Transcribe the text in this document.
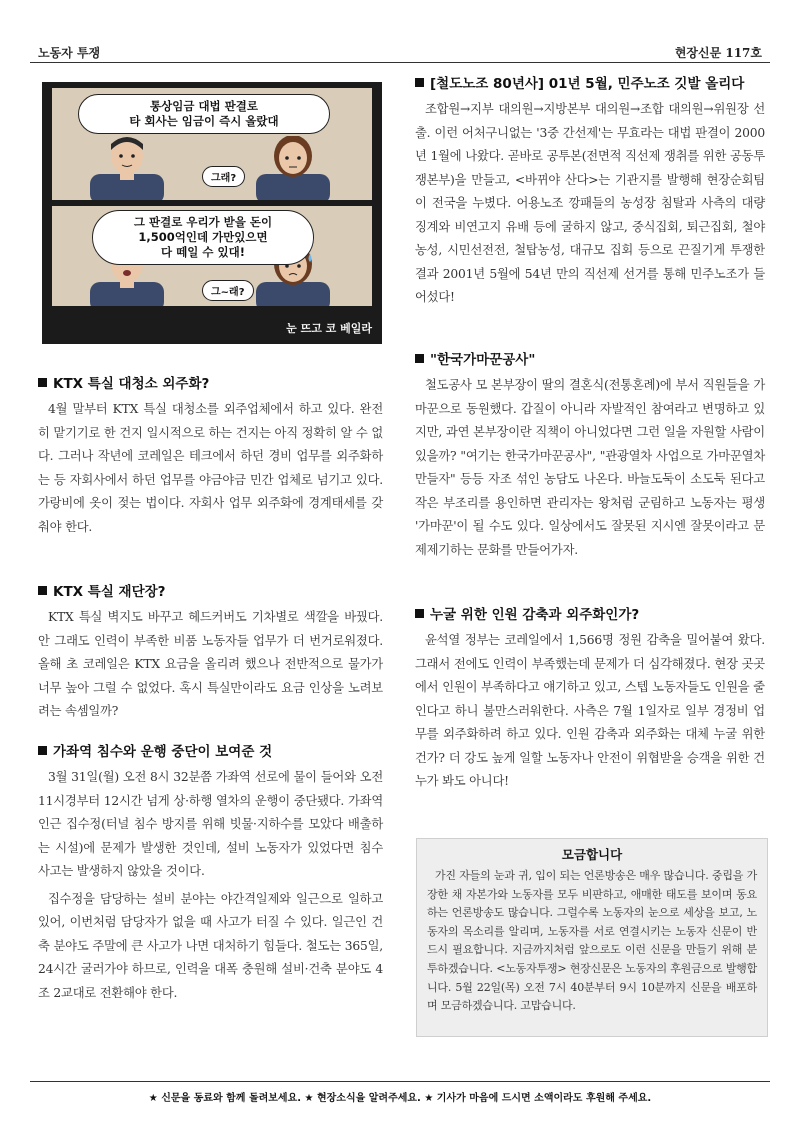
노동자 투쟁	현장신문 117호
통상임금 대법 판결로
타 회사는 임금이 즉시 올랐대
그래?
그 판결로 우리가 받을 돈이
1,500억인데 가만있으면
다 떼일 수 있대!
그~래?
눈 뜨고 코 베일라
KTX 특실 대청소 외주화?

4월 말부터 KTX 특실 대청소를 외주업체에서 하고 있다. 완전히 맡기기로 한 건지 일시적으로 하는 건지는 아직 정확히 알 수 없다. 그러나 작년에 코레일은 테크에서 하던 경비 업무를 외주화하는 등 자회사에서 하던 업무를 야금야금 민간 업체로 넘기고 있다. 가랑비에 옷이 젖는 법이다. 자회사 업무 외주화에 경계태세를 갖춰야 한다.

KTX 특실 재단장?

KTX 특실 벽지도 바꾸고 헤드커버도 기차별로 색깔을 바꿨다. 안 그래도 인력이 부족한 비품 노동자들 업무가 더 번거로워졌다. 올해 초 코레일은 KTX 요금을 올리려 했으나 전반적으로 물가가 너무 높아 그럴 수 없었다. 혹시 특실만이라도 요금 인상을 노려보려는 속셈일까?

가좌역 침수와 운행 중단이 보여준 것

3월 31일(월) 오전 8시 32분쯤 가좌역 선로에 물이 들어와 오전 11시경부터 12시간 넘게 상·하행 열차의 운행이 중단됐다. 가좌역 인근 집수정(터널 침수 방지를 위해 빗물·지하수를 모았다 배출하는 시설)에 문제가 발생한 것인데, 설비 노동자가 있었다면 침수 사고는 발생하지 않았을 것이다.

집수정을 담당하는 설비 분야는 야간격일제와 일근으로 일하고 있어, 이번처럼 담당자가 없을 때 사고가 터질 수 있다. 일근인 건축 분야도 주말에 큰 사고가 나면 대처하기 힘들다. 철도는 365일, 24시간 굴러가야 하므로, 인력을 대폭 충원해 설비·건축 분야도 4조 2교대로 전환해야 한다.

[철도노조 80년사] 01년 5월, 민주노조 깃발 올리다

조합원→지부 대의원→지방본부 대의원→조합 대의원→위원장 선출. 이런 어처구니없는 '3중 간선제'는 무효라는 대법 판결이 2000년 1월에 나왔다. 곧바로 공투본(전면적 직선제 쟁취를 위한 공동투쟁본부)을 만들고, <바뀌야 산다>는 기관지를 발행해 현장순회팀이 전국을 누볐다. 어용노조 깡패들의 농성장 침탈과 사측의 대량 징계와 비연고지 유배 등에 굴하지 않고, 중식집회, 퇴근집회, 철야농성, 시민선전전, 철탑농성, 대규모 집회 등으로 끈질기게 투쟁한 결과 2001년 5월에 54년 만의 직선제 선거를 통해 민주노조가 들어섰다!

"한국가마꾼공사"

철도공사 모 본부장이 딸의 결혼식(전통혼례)에 부서 직원들을 가마꾼으로 동원했다. 갑질이 아니라 자발적인 참여라고 변명하고 있지만, 과연 본부장이란 직책이 아니었다면 그런 일을 자원할 사람이 있을까? "여기는 한국가마꾼공사", "관광열차 사업으로 가마꾼열차 만들자" 등등 자조 섞인 농담도 나온다. 바늘도둑이 소도둑 된다고 작은 부조리를 용인하면 관리자는 왕처럼 군림하고 노동자는 평생 '가마꾼'이 될 수도 있다. 일상에서도 잘못된 지시엔 잘못이라고 문제제기하는 문화를 만들어가자.

누굴 위한 인원 감축과 외주화인가?

윤석열 정부는 코레일에서 1,566명 정원 감축을 밀어붙여 왔다. 그래서 전에도 인력이 부족했는데 문제가 더 심각해졌다. 현장 곳곳에서 인원이 부족하다고 얘기하고 있고, 스텝 노동자들도 인원을 줄인다고 하니 불만스러워한다. 사측은 7월 1일자로 일부 경정비 업무를 외주화하려 하고 있다. 인원 감축과 외주화는 대체 누굴 위한 건가? 더 강도 높게 일할 노동자나 안전이 위협받을 승객을 위한 건 누가 봐도 아니다!

모금합니다

가진 자들의 눈과 귀, 입이 되는 언론방송은 매우 많습니다. 중립을 가장한 채 자본가와 노동자를 모두 비판하고, 애매한 태도를 보이며 동요하는 언론방송도 많습니다. 그럴수록 노동자의 눈으로 세상을 보고, 노동자의 목소리를 알리며, 노동자를 서로 연결시키는 노동자 신문이 반드시 필요합니다. 지금까지처럼 앞으로도 이런 신문을 만들기 위해 분투하겠습니다. <노동자투쟁> 현장신문은 노동자의 후원금으로 발행합니다. 5월 22일(목) 오전 7시 40분부터 9시 10분까지 신문을 배포하며 모금하겠습니다. 고맙습니다.

★ 신문을 동료와 함께 돌려보세요. ★ 현장소식을 알려주세요. ★ 기사가 마음에 드시면 소액이라도 후원해 주세요.
